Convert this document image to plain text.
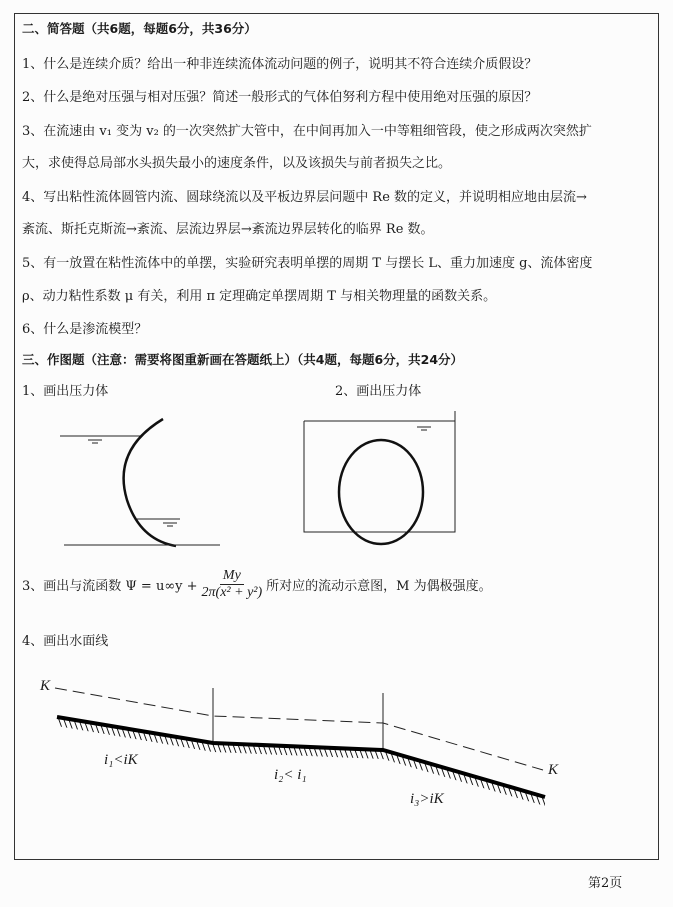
二、简答题（共6题，每题6分，共36分）
1、什么是连续介质？给出一种非连续流体流动问题的例子，说明其不符合连续介质假设？
2、什么是绝对压强与相对压强？简述一般形式的气体伯努利方程中使用绝对压强的原因？
3、在流速由 v₁ 变为 v₂ 的一次突然扩大管中，在中间再加入一中等粗细管段，使之形成两次突然扩
大，求使得总局部水头损失最小的速度条件，以及该损失与前者损失之比。
4、写出粘性流体圆管内流、圆球绕流以及平板边界层问题中 Re 数的定义，并说明相应地由层流→
紊流、斯托克斯流→紊流、层流边界层→紊流边界层转化的临界 Re 数。
5、有一放置在粘性流体中的单摆，实验研究表明单摆的周期 T 与摆长 L、重力加速度 g、流体密度
ρ、动力粘性系数 μ 有关，利用 π 定理确定单摆周期 T 与相关物理量的函数关系。
6、什么是渗流模型？
三、作图题（注意：需要将图重新画在答题纸上）（共4题，每题6分，共24分）
1、画出压力体	2、画出压力体
3、画出与流函数 $\Psi = u\infty y + \frac{My}{\text{2π(x² + y²)}}$ 所对应的流动示意图，M 为偶极强度。
4、画出水面线
K
K
i₁<iK
i₂< i₁
i₃>iK
第2页
